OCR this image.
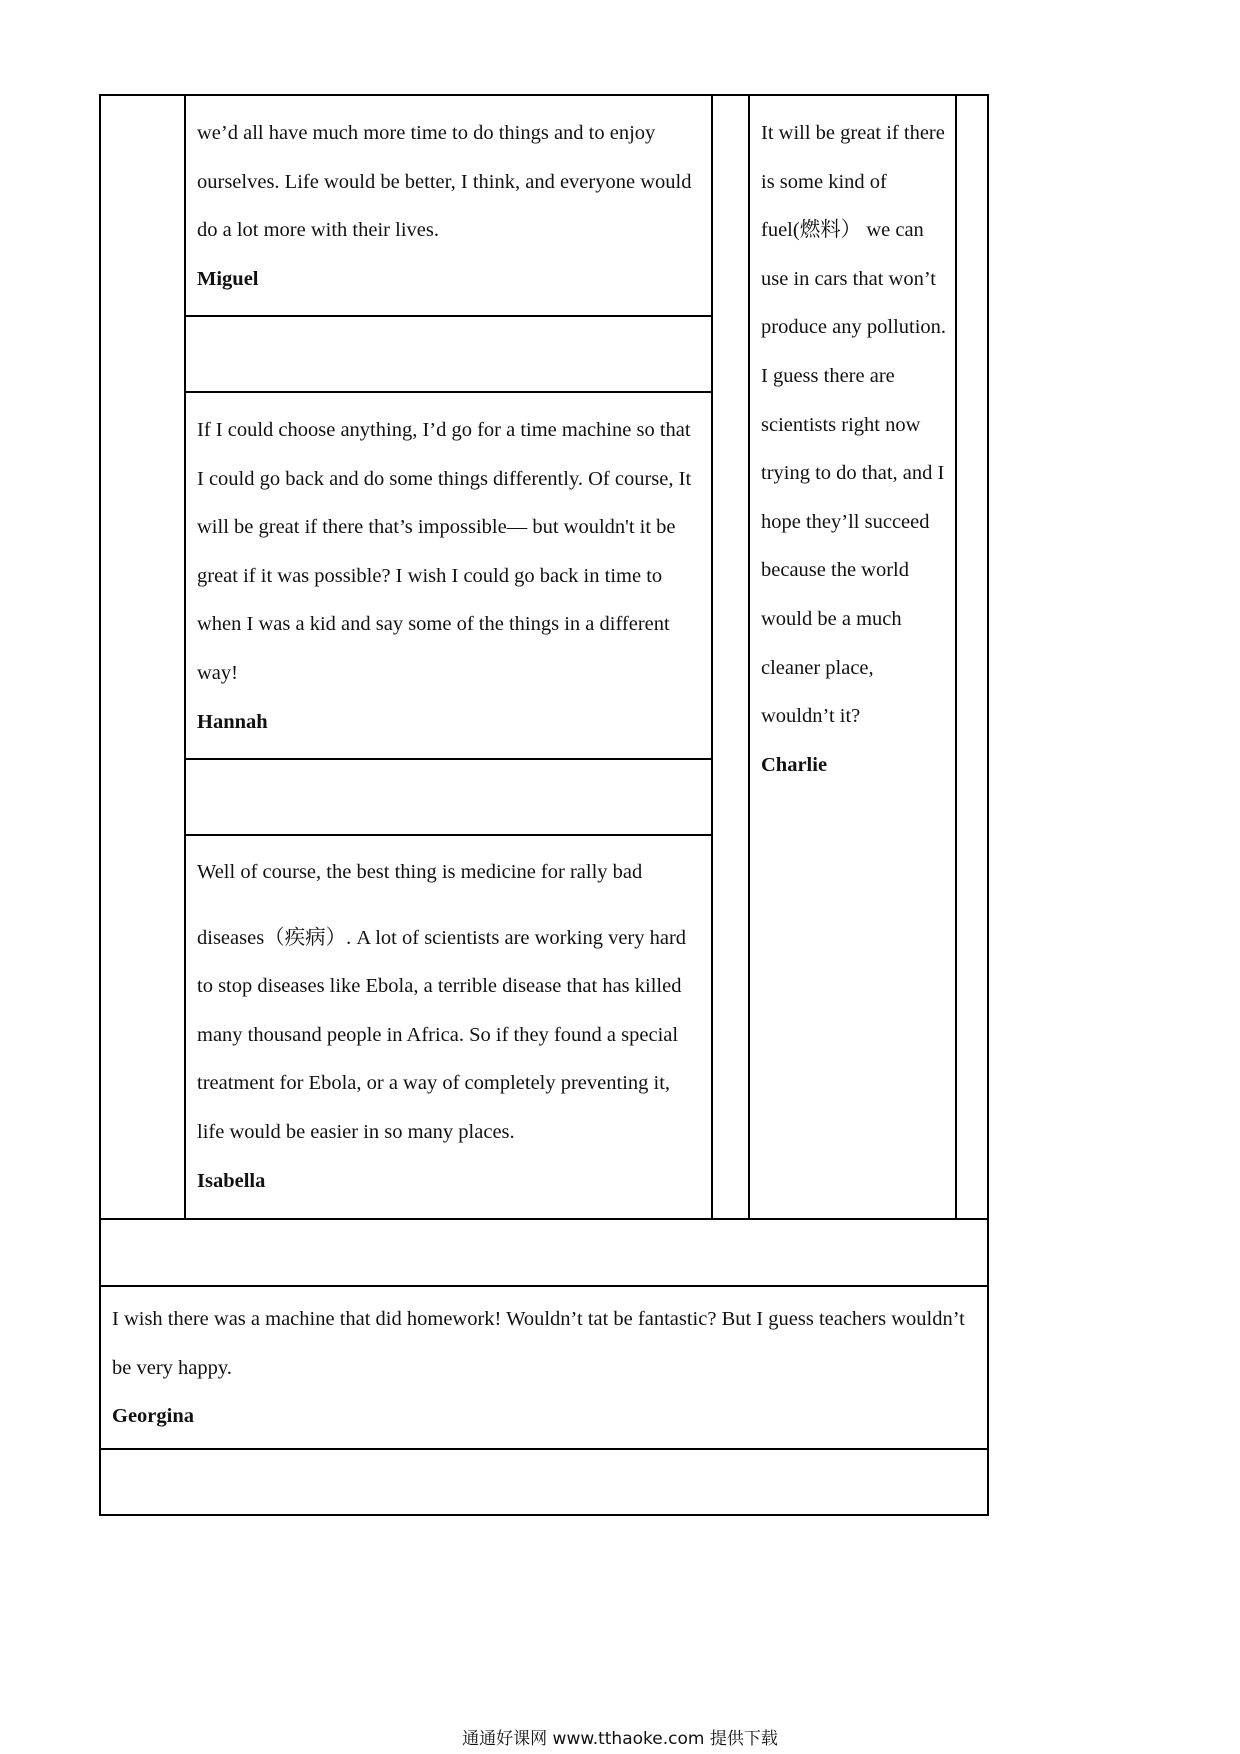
we’d all have much more time to do things and to enjoy ourselves. Life would be better, I think, and everyone would do a lot more with their lives.

Miguel

If I could choose anything, I’d go for a time machine so that I could go back and do some things differently. Of course, It will be great if there that’s impossible— but wouldn't it be great if it was possible? I wish I could go back in time to when I was a kid and say some of the things in a different way!

Hannah

Well of course, the best thing is medicine for rally bad

diseases（疾病）. A lot of scientists are working very hard to stop diseases like Ebola, a terrible disease that has killed many thousand people in Africa. So if they found a special treatment for Ebola, or a way of completely preventing it, life would be easier in so many places.

Isabella

It will be great if there is some kind of fuel(燃料） we can use in cars that won’t produce any pollution. I guess there are scientists right now trying to do that, and I hope they’ll succeed because the world would be a much cleaner place, wouldn’t it?

Charlie

I wish there was a machine that did homework! Wouldn’t tat be fantastic? But I guess teachers wouldn’t be very happy.

Georgina

通通好课网 www.tthaoke.com 提供下载
